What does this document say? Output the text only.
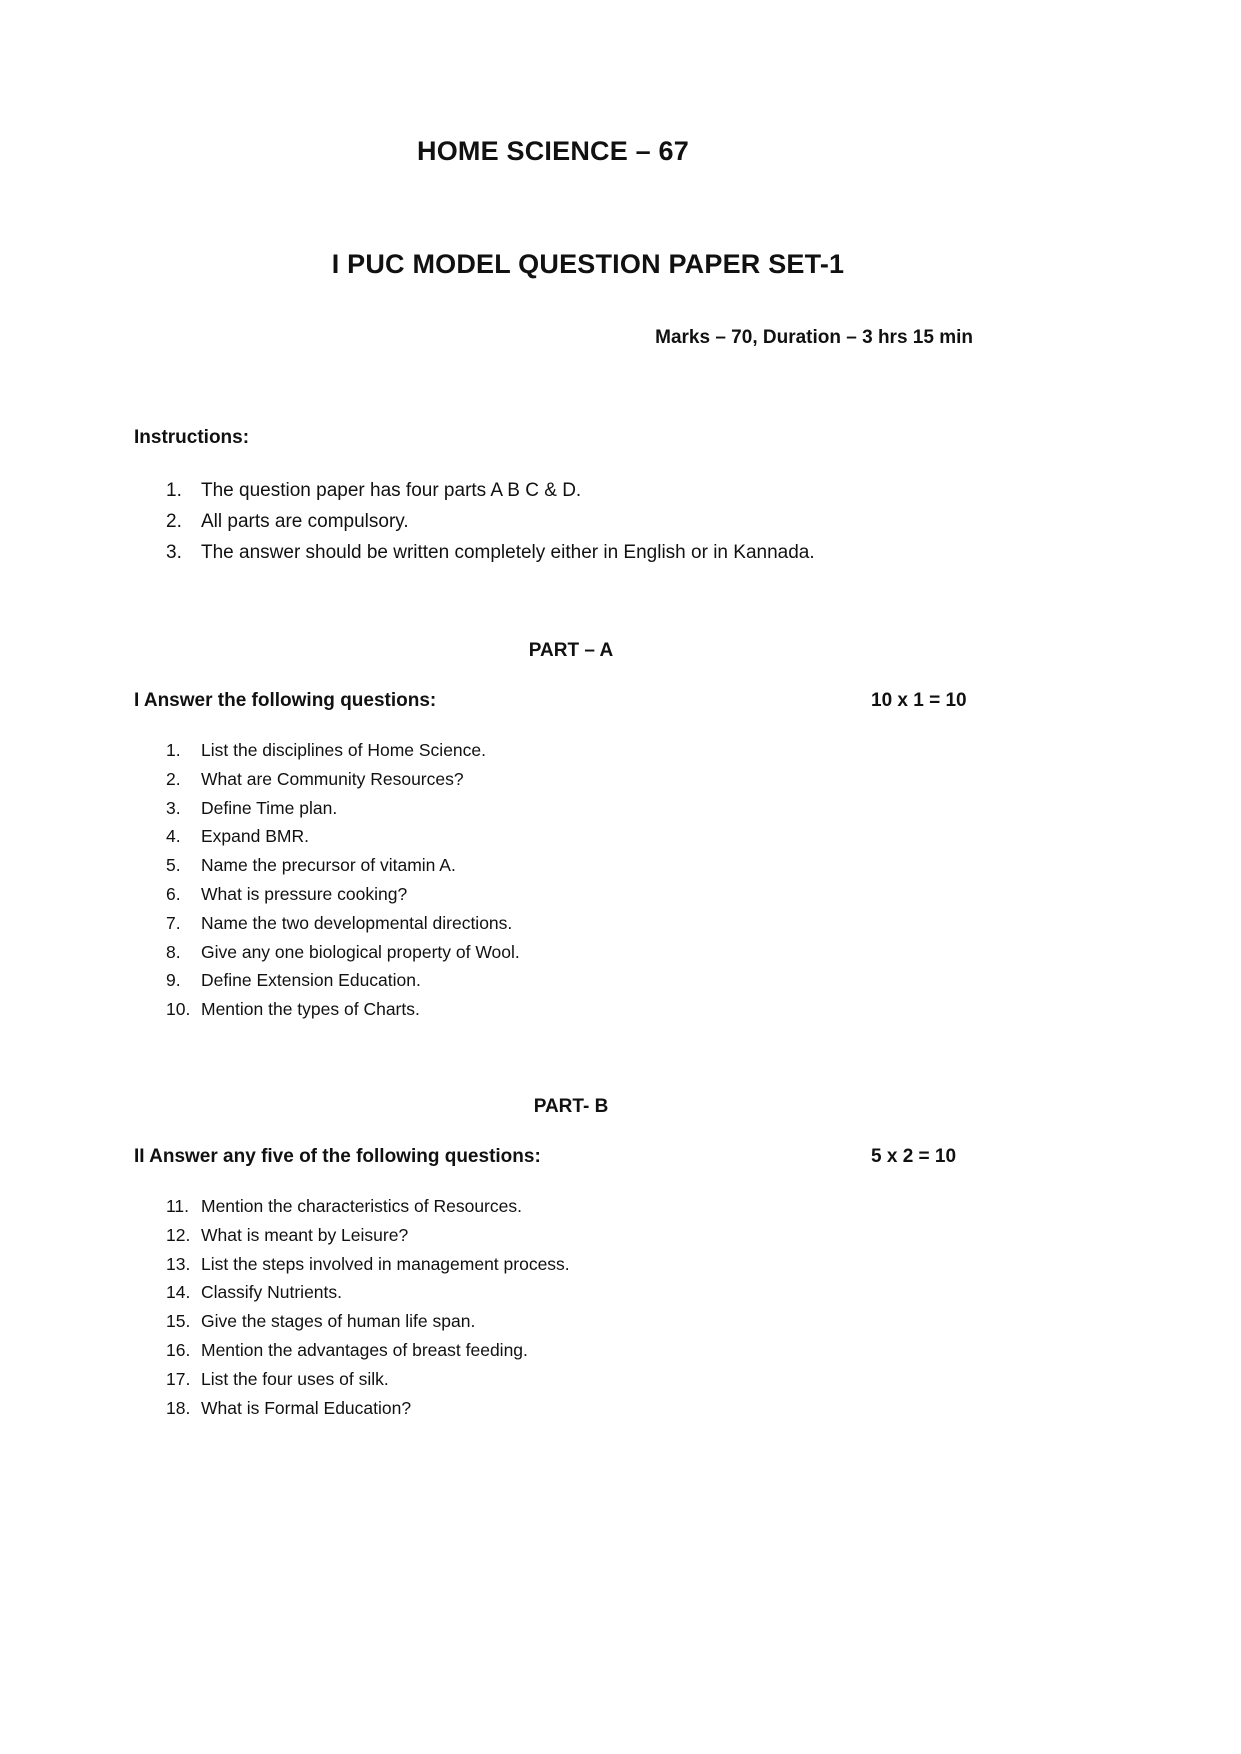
HOME SCIENCE – 67
I PUC MODEL QUESTION PAPER SET-1
Marks – 70, Duration – 3 hrs 15 min
Instructions:
1. The question paper has four parts A B C & D.
2. All parts are compulsory.
3. The answer should be written completely either in English or in Kannada.
PART – A
I Answer the following questions:	10 x 1 = 10
1. List the disciplines of Home Science.
2. What are Community Resources?
3. Define Time plan.
4. Expand BMR.
5. Name the precursor of vitamin A.
6. What is pressure cooking?
7. Name the two developmental directions.
8. Give any one biological property of Wool.
9. Define Extension Education.
10. Mention the types of Charts.
PART- B
II Answer any five of the following questions:	5 x 2 = 10
11. Mention the characteristics of Resources.
12. What is meant by Leisure?
13. List the steps involved in management process.
14. Classify Nutrients.
15. Give the stages of human life span.
16. Mention the advantages of breast feeding.
17. List the four uses of silk.
18. What is Formal Education?
